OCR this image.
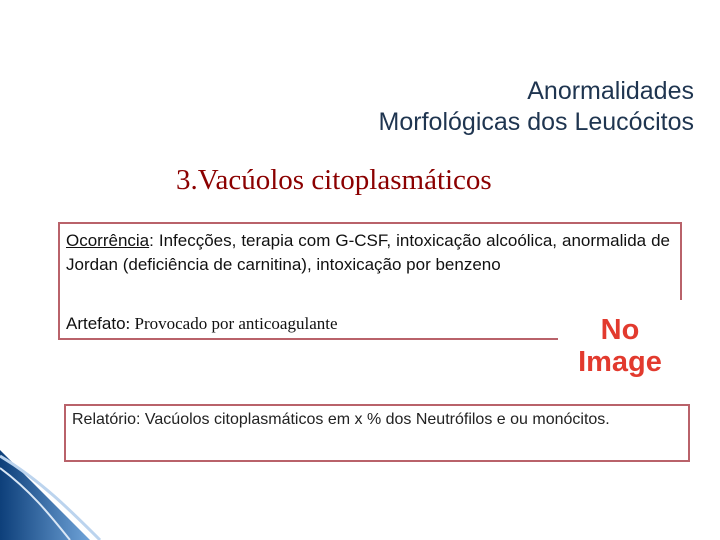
Anormalidades
Morfológicas dos Leucócitos
3.Vacúolos citoplasmáticos
Ocorrência: Infecções, terapia com G-CSF, intoxicação alcoólica, anormalida de Jordan (deficiência de carnitina), intoxicação por benzeno
Artefato: Provocado por anticoagulante	No
Image
Relatório: Vacúolos citoplasmáticos em x % dos Neutrófilos e ou monócitos.
